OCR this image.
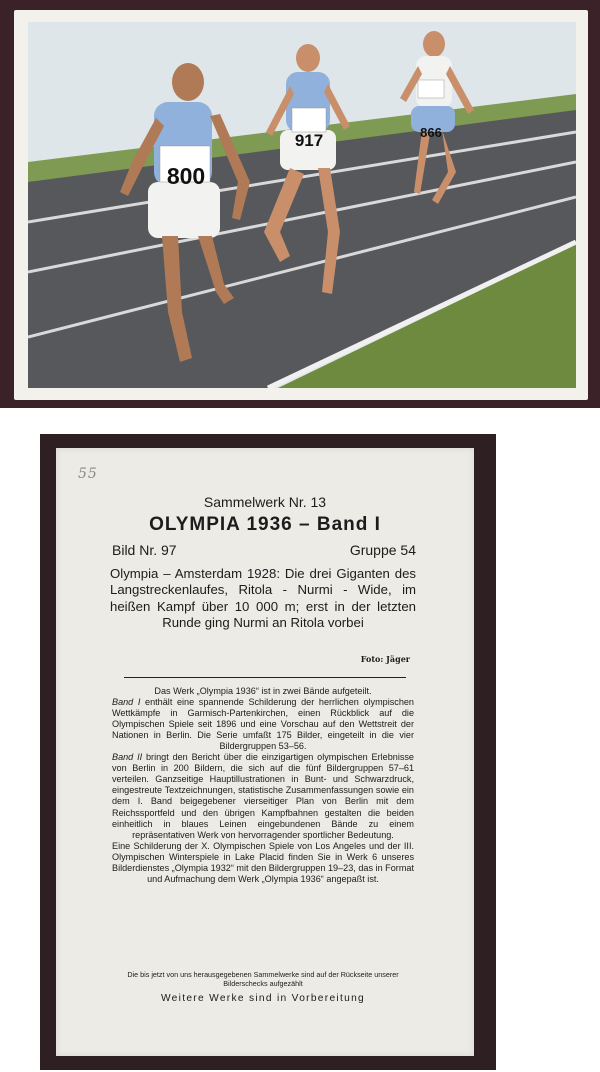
800
917	866
55
Sammelwerk Nr. 13
OLYMPIA 1936 – Band I
Bild Nr. 97	Gruppe 54
Olympia – Amsterdam 1928: Die drei Giganten des Langstreckenlaufes, Ritola - Nurmi - Wide, im heißen Kampf über 10 000 m; erst in der letzten Runde ging Nurmi an Ritola vorbei
Foto: Jäger

Das Werk „Olympia 1936“ ist in zwei Bände aufgeteilt.

Band I enthält eine spannende Schilderung der herrlichen olympischen Wettkämpfe in Garmisch-Partenkirchen, einen Rückblick auf die Olympischen Spiele seit 1896 und eine Vorschau auf den Wettstreit der Nationen in Berlin. Die Serie umfaßt 175 Bilder, eingeteilt in die vier Bildergruppen 53–56.

Band II bringt den Bericht über die einzigartigen olympischen Erlebnisse von Berlin in 200 Bildern, die sich auf die fünf Bildergruppen 57–61 verteilen. Ganzseitige Hauptillustrationen in Bunt- und Schwarzdruck, eingestreute Textzeichnungen, statistische Zusammenfassungen sowie ein dem I. Band beigegebener vierseitiger Plan von Berlin mit dem Reichssportfeld und den übrigen Kampfbahnen gestalten die beiden einheitlich in blaues Leinen eingebundenen Bände zu einem repräsentativen Werk von hervorragender sportlicher Bedeutung.

Eine Schilderung der X. Olympischen Spiele von Los Angeles und der III. Olympischen Winterspiele in Lake Placid finden Sie in Werk 6 unseres Bilderdienstes „Olympia 1932“ mit den Bildergruppen 19–23, das in Format und Aufmachung dem Werk „Olympia 1936“ angepaßt ist.

Die bis jetzt von uns herausgegebenen Sammelwerke sind auf der Rückseite unserer Bilderschecks aufgezählt
Weitere Werke sind in Vorbereitung
